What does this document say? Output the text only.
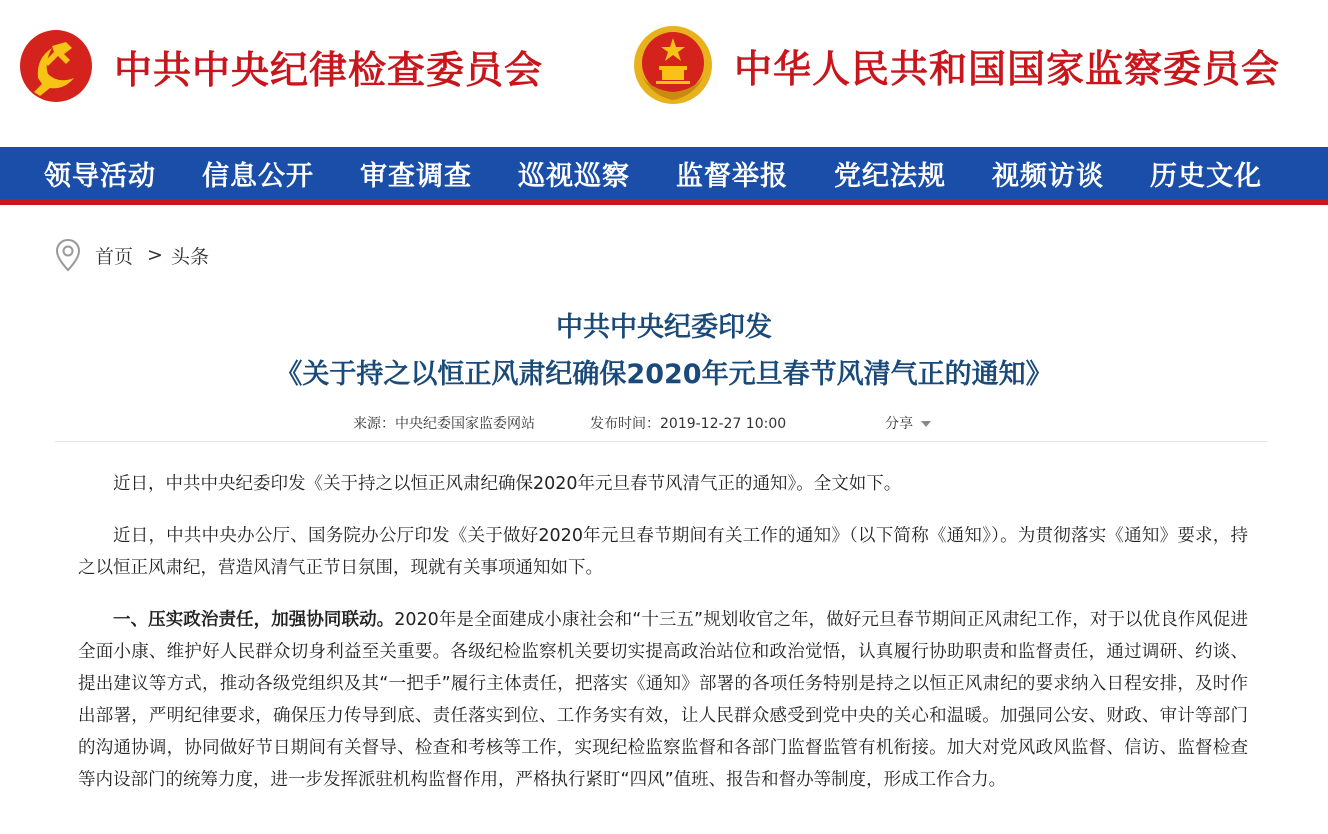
中共中央纪律检查委员会	中华人民共和国国家监察委员会
领导活动 信息公开 审查调查 巡视巡察 监督举报 党纪法规 视频访谈 历史文化
首页 > 头条
中共中央纪委印发
《关于持之以恒正风肃纪确保2020年元旦春节风清气正的通知》
来源：中央纪委国家监委网站	发布时间：2019-12-27 10:00	分享

近日，中共中央纪委印发《关于持之以恒正风肃纪确保2020年元旦春节风清气正的通知》。全文如下。

近日，中共中央办公厅、国务院办公厅印发《关于做好2020年元旦春节期间有关工作的通知》（以下简称《通知》）。为贯彻落实《通知》要求，持之以恒正风肃纪，营造风清气正节日氛围，现就有关事项通知如下。

一、压实政治责任，加强协同联动。2020年是全面建成小康社会和“十三五”规划收官之年，做好元旦春节期间正风肃纪工作，对于以优良作风促进全面小康、维护好人民群众切身利益至关重要。各级纪检监察机关要切实提高政治站位和政治觉悟，认真履行协助职责和监督责任，通过调研、约谈、提出建议等方式，推动各级党组织及其“一把手”履行主体责任，把落实《通知》部署的各项任务特别是持之以恒正风肃纪的要求纳入日程安排，及时作出部署，严明纪律要求，确保压力传导到底、责任落实到位、工作务实有效，让人民群众感受到党中央的关心和温暖。加强同公安、财政、审计等部门的沟通协调，协同做好节日期间有关督导、检查和考核等工作，实现纪检监察监督和各部门监督监管有机衔接。加大对党风政风监督、信访、监督检查等内设部门的统筹力度，进一步发挥派驻机构监督作用，严格执行紧盯“四风”值班、报告和督办等制度，形成工作合力。
